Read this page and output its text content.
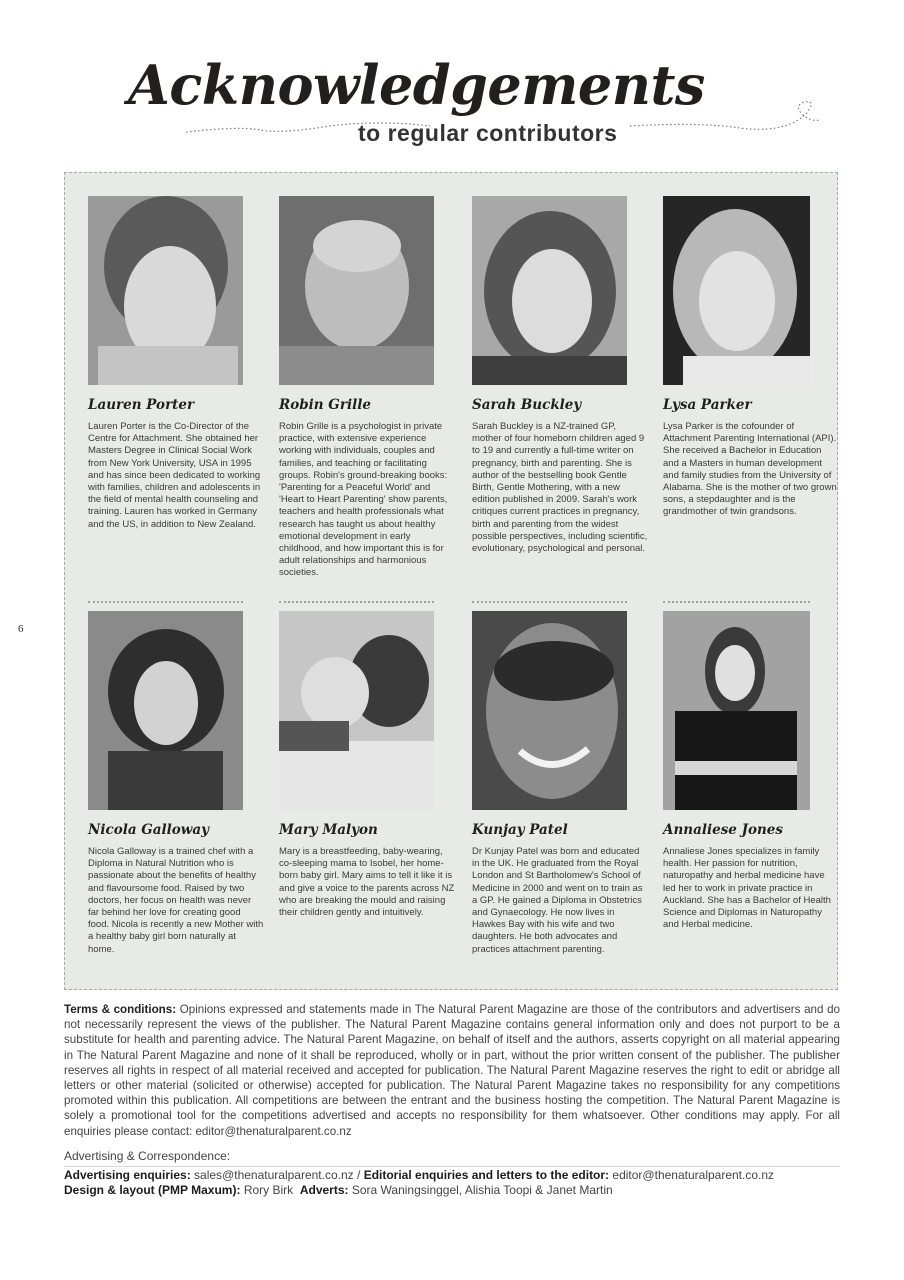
Acknowledgements
to regular contributors
6
Lauren Porter

Lauren Porter is the Co-Director of the Centre for Attachment. She obtained her Masters Degree in Clinical Social Work from New York University, USA in 1995 and has since been dedicated to working with families, children and adolescents in the field of mental health counseling and training. Lauren has worked in Germany and the US, in addition to New Zealand.

Robin Grille

Robin Grille is a psychologist in private practice, with extensive experience working with individuals, couples and families, and teaching or facilitating groups. Robin's ground-breaking books: 'Parenting for a Peaceful World' and 'Heart to Heart Parenting' show parents, teachers and health professionals what research has taught us about healthy emotional development in early childhood, and how important this is for adult relationships and harmonious societies.

Sarah Buckley

Sarah Buckley is a NZ-trained GP, mother of four homeborn children aged 9 to 19 and currently a full-time writer on pregnancy, birth and parenting. She is author of the bestselling book Gentle Birth, Gentle Mothering, with a new edition published in 2009. Sarah's work critiques current practices in pregnancy, birth and parenting from the widest possible perspectives, including scientific, evolutionary, psychological and personal.

Lysa Parker

Lysa Parker is the cofounder of Attachment Parenting International (API). She received a Bachelor in Education and a Masters in human development and family studies from the University of Alabama. She is the mother of two grown sons, a stepdaughter and is the grandmother of twin grandsons.

Nicola Galloway

Nicola Galloway is a trained chef with a Diploma in Natural Nutrition who is passionate about the benefits of healthy and flavoursome food. Raised by two doctors, her focus on health was never far behind her love for creating good food. Nicola is recently a new Mother with a healthy baby girl born naturally at home.

Mary Malyon

Mary is a breastfeeding, baby-wearing, co-sleeping mama to Isobel, her home-born baby girl. Mary aims to tell it like it is and give a voice to the parents across NZ who are breaking the mould and raising their children gently and intuitively.

Kunjay Patel

Dr Kunjay Patel was born and educated in the UK. He graduated from the Royal London and St Bartholomew's School of Medicine in 2000 and went on to train as a GP. He gained a Diploma in Obstetrics and Gynaecology. He now lives in Hawkes Bay with his wife and two daughters. He both advocates and practices attachment parenting.

Annaliese Jones

Annaliese Jones specializes in family health. Her passion for nutrition, naturopathy and herbal medicine have led her to work in private practice in Auckland. She has a Bachelor of Health Science and Diplomas in Naturopathy and Herbal medicine.

Terms & conditions: Opinions expressed and statements made in The Natural Parent Magazine are those of the contributors and advertisers and do not necessarily represent the views of the publisher. The Natural Parent Magazine contains general information only and does not purport to be a substitute for health and parenting advice. The Natural Parent Magazine, on behalf of itself and the authors, asserts copyright on all material appearing in The Natural Parent Magazine and none of it shall be reproduced, wholly or in part, without the prior written consent of the publisher. The publisher reserves all rights in respect of all material received and accepted for publication. The Natural Parent Magazine reserves the right to edit or abridge all letters or other material (solicited or otherwise) accepted for publication. The Natural Parent Magazine takes no responsibility for any competitions promoted within this publication. All competitions are between the entrant and the business hosting the competition. The Natural Parent Magazine is solely a promotional tool for the competitions advertised and accepts no responsibility for them whatsoever. Other conditions may apply. For all enquiries please contact: editor@thenaturalparent.co.nz

Advertising & Correspondence:
Advertising enquiries: sales@thenaturalparent.co.nz / Editorial enquiries and letters to the editor: editor@thenaturalparent.co.nz
Design & layout (PMP Maxum): Rory Birk Adverts: Sora Waningsinggel, Alishia Toopi & Janet Martin
